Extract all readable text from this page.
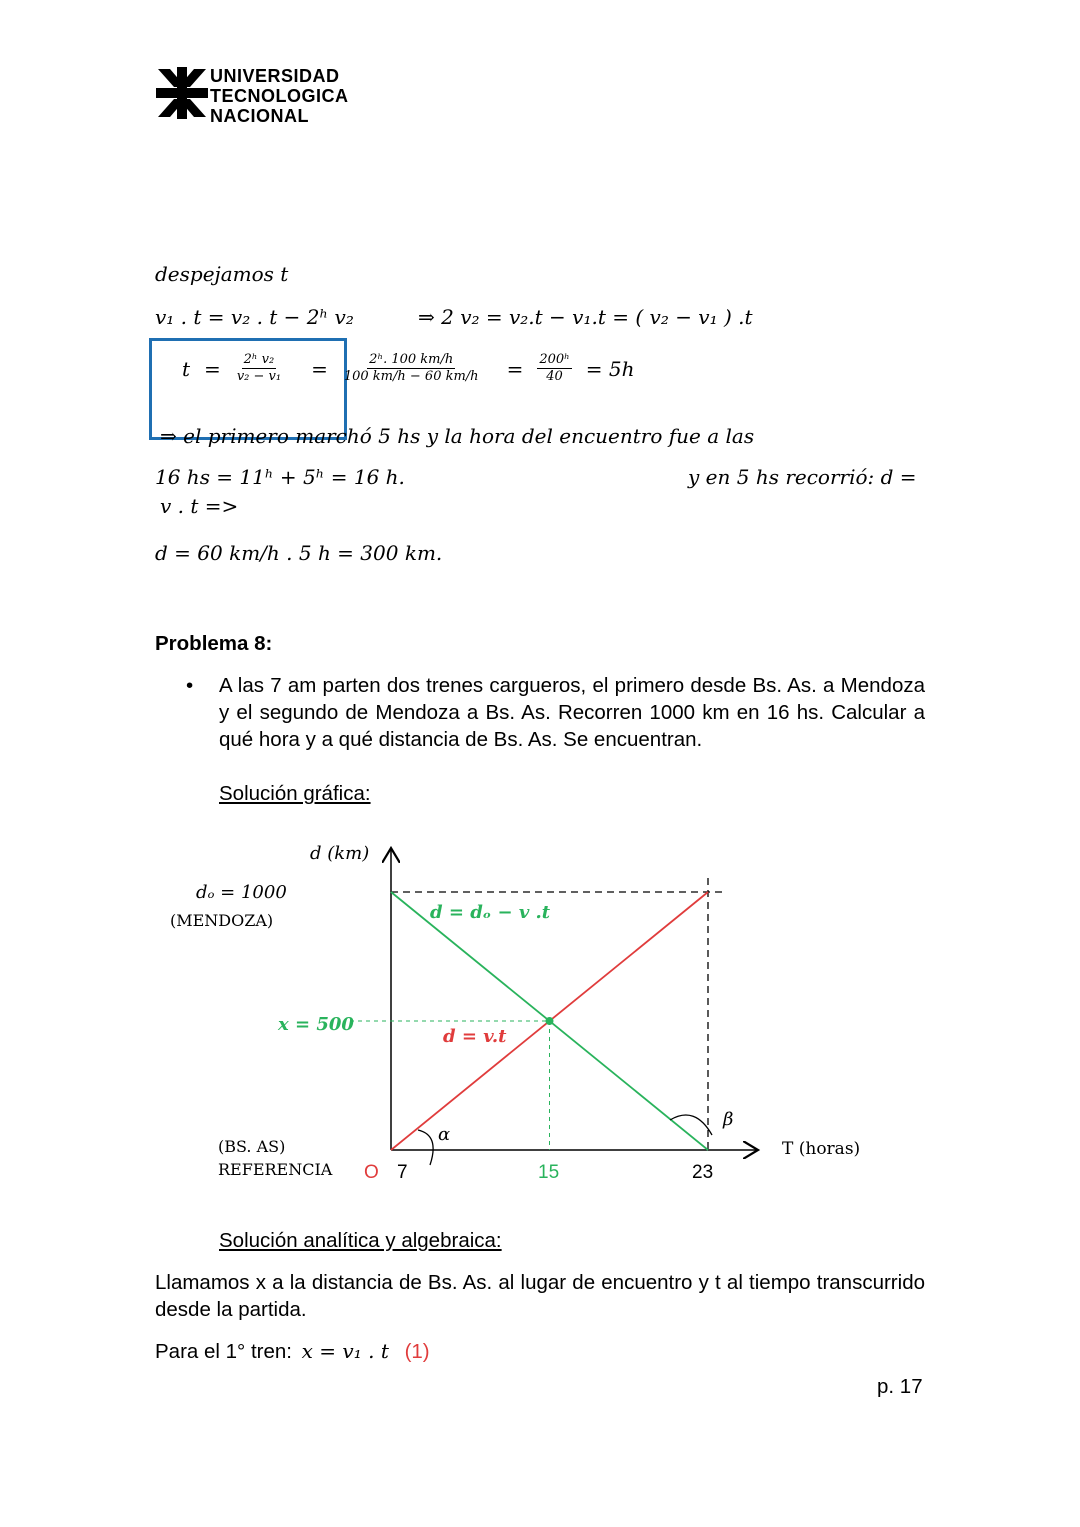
UNIVERSIDAD
TECNOLOGICA
NACIONAL
despejamos t
v₁ . t = v₂ . t − 2ʰ v₂	⇒ 2 v₂ = v₂.t − v₁.t = ( v₂ − v₁ ) .t
$t = \frac{\text{2ʰ v₂}}{\text{v₂ − v₁}} = \frac{\text{2ʰ. 100 km/h}}{100 km/h - 60 km/h} = \frac{\text{200ʰ}}{40} = 5h$
⇒ el primero marchó 5 hs y la hora del encuentro fue a las
16 hs = 11ʰ + 5ʰ = 16 h.	y en 5 hs recorrió: d =
v . t =>
d = 60 km/h . 5 h = 300 km.
Problema 8:
• A las 7 am parten dos trenes cargueros, el primero desde Bs. As. a Mendoza y el segundo de Mendoza a Bs. As. Recorren 1000 km en 16 hs. Calcular a qué hora y a qué distancia de Bs. As. Se encuentran.
Solución gráfica:
d (km)
dₒ = 1000
(MENDOZA)
x = 500
d = dₒ − v .t
d = v.t
α
β
(BS. AS)
REFERENCIA O 7	15	23
T (horas)
Solución analítica y algebraica:
Llamamos x a la distancia de Bs. As. al lugar de encuentro y t al tiempo transcurrido desde la partida.
Para el 1° tren: x = v₁ . t (1)
p. 17
